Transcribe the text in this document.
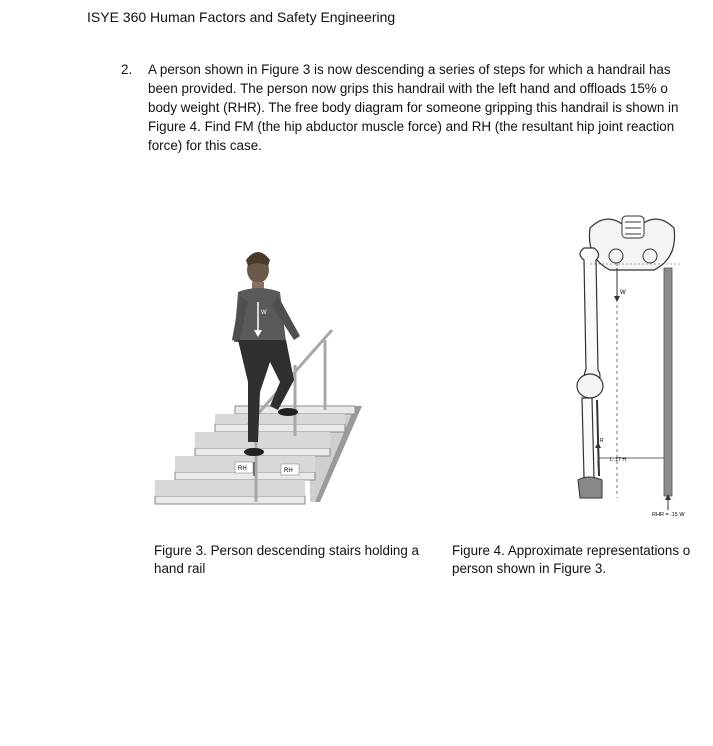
ISYE 360 Human Factors and Safety Engineering
2. A person shown in Figure 3 is now descending a series of steps for which a handrail has
been provided. The person now grips this handrail with the left hand and offloads 15% o
body weight (RHR). The free body diagram for someone gripping this handrail is shown in
Figure 4. Find FM (the hip abductor muscle force) and RH (the resultant hip joint reaction
force) for this case.
W
RH	RH
W
R
L .17 H
RHR = .15 W
Figure 3. Person descending stairs holding a
hand rail
Figure 4. Approximate representations o
person shown in Figure 3.
